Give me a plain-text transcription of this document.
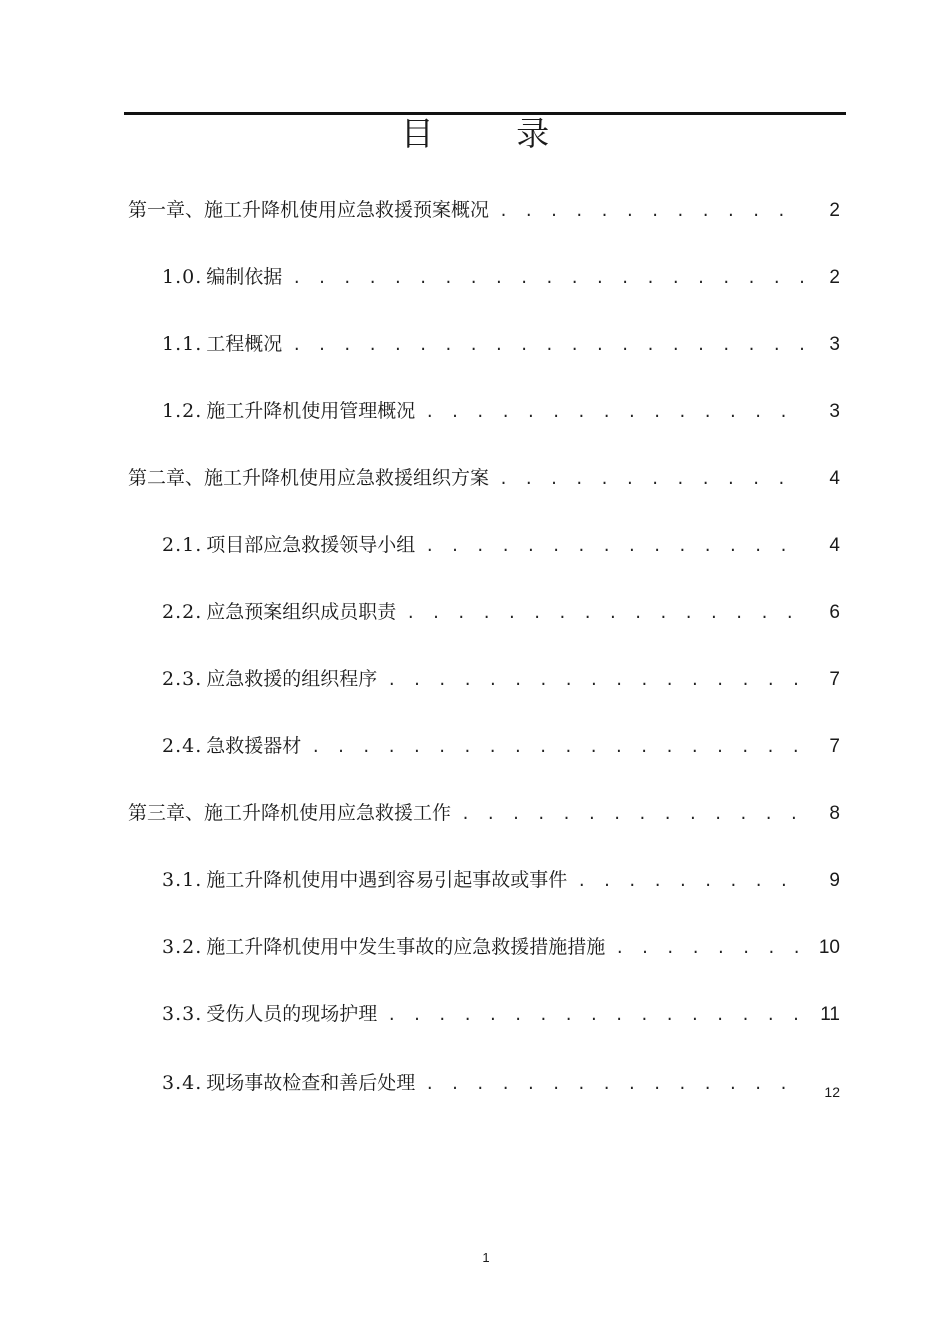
目 录
第一章、施工升降机使用应急救援预案概况 . . .	2
1.0. 编制依据 . . .	2
1.1. 工程概况 . . .	3
1.2. 施工升降机使用管理概况 . . .	3
第二章、施工升降机使用应急救援组织方案 . . .	4
2.1. 项目部应急救援领导小组 . . .	4
2.2. 应急预案组织成员职责 . . .	6
2.3. 应急救援的组织程序 . . .	7
2.4. 急救援器材 . . .	7
第三章、施工升降机使用应急救援工作 . . .	8
3.1. 施工升降机使用中遇到容易引起事故或事件 . . .	9
3.2. 施工升降机使用中发生事故的应急救援措施措施 . . .	10
3.3. 受伤人员的现场护理 . . .	11
3.4. 现场事故检查和善后处理 . . .	12
1
